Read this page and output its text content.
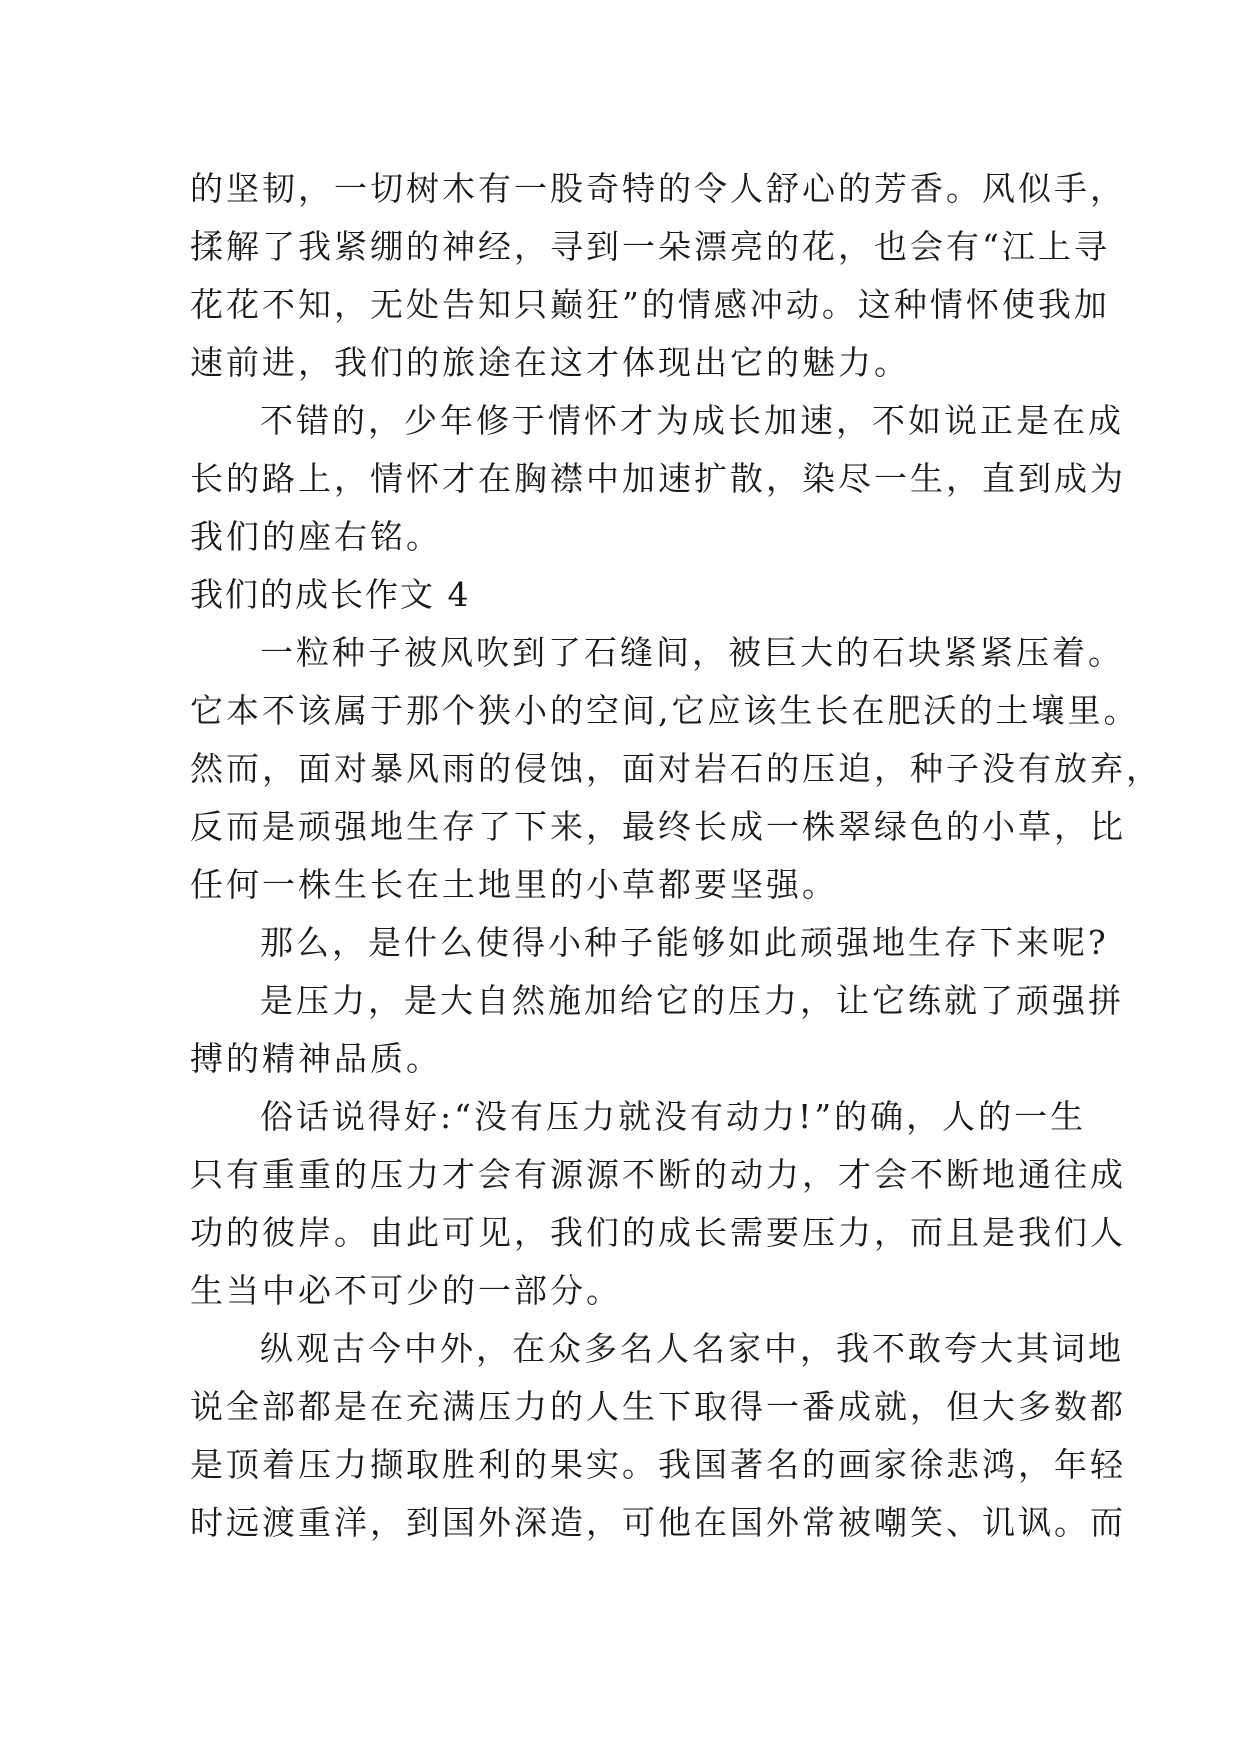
的坚韧，一切树木有一股奇特的令人舒心的芳香。风似手，
揉解了我紧绷的神经，寻到一朵漂亮的花，也会有“江上寻
花花不知，无处告知只巅狂”的情感冲动。这种情怀使我加
速前进，我们的旅途在这才体现出它的魅力。
不错的，少年修于情怀才为成长加速，不如说正是在成
长的路上，情怀才在胸襟中加速扩散，染尽一生，直到成为
我们的座右铭。
我们的成长作文 4
一粒种子被风吹到了石缝间，被巨大的石块紧紧压着。
它本不该属于那个狭小的空间,它应该生长在肥沃的土壤里。
然而，面对暴风雨的侵蚀，面对岩石的压迫，种子没有放弃，
反而是顽强地生存了下来，最终长成一株翠绿色的小草，比
任何一株生长在土地里的小草都要坚强。
那么，是什么使得小种子能够如此顽强地生存下来呢?
是压力，是大自然施加给它的压力，让它练就了顽强拼
搏的精神品质。
俗话说得好:“没有压力就没有动力!”的确，人的一生
只有重重的压力才会有源源不断的动力，才会不断地通往成
功的彼岸。由此可见，我们的成长需要压力，而且是我们人
生当中必不可少的一部分。
纵观古今中外，在众多名人名家中，我不敢夸大其词地
说全部都是在充满压力的人生下取得一番成就，但大多数都
是顶着压力撷取胜利的果实。我国著名的画家徐悲鸿，年轻
时远渡重洋，到国外深造，可他在国外常被嘲笑、讥讽。而
